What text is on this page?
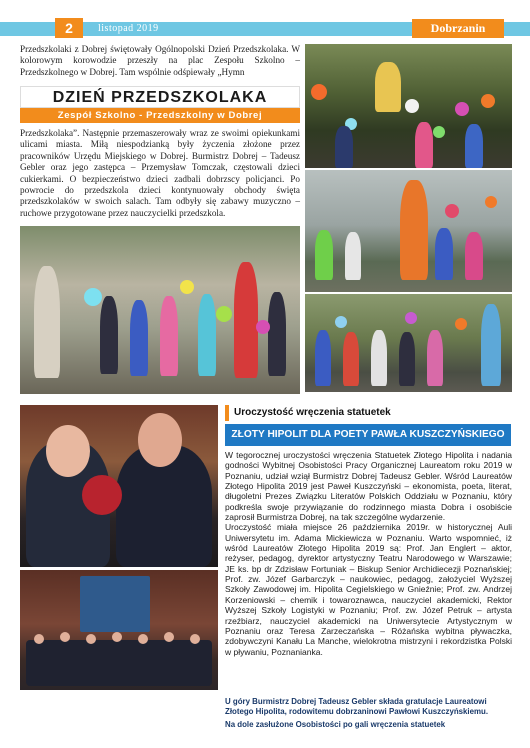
2	listopad 2019	Dobrzanin

Przedszkolaki z Dobrej świętowały Ogólnopolski Dzień Przedszkolaka. W kolorowym korowodzie przeszły na plac Zespołu Szkolno – Przedszkolnego w Dobrej. Tam wspólnie odśpiewały „Hymn

DZIEŃ PRZEDSZKOLAKA
Zespół Szkolno - Przedszkolny w Dobrej

Przedszkolaka”. Następnie przemaszerowały wraz ze swoimi opiekunkami ulicami miasta. Miłą niespodzianką były życzenia złożone przez pracowników Urzędu Miejskiego w Dobrej. Burmistrz Dobrej – Tadeusz Gebler oraz jego zastępca – Przemysław Tomczak, częstowali dzieci cukierkami. O bezpieczeństwo dzieci zadbali dobrzscy policjanci. Po powrocie do przedszkola dzieci kontynuowały obchody święta przedszkolaków w swoich salach. Tam odbyły się zabawy muzyczno – ruchowe przygotowane przez nauczycielki przedszkola.

Uroczystość wręczenia statuetek
ZŁOTY HIPOLIT DLA POETY PAWŁA KUSZCZYŃSKIEGO

W tegorocznej uroczystości wręczenia Statuetek Złotego Hipolita i nadania godności Wybitnej Osobistości Pracy Organicznej Laureatom roku 2019 w Poznaniu, udział wziął Burmistrz Dobrej Tadeusz Gebler. Wśród Laureatów Złotego Hipolita 2019 jest Paweł Kuszczyński – ekonomista, poeta, literat, długoletni Prezes Związku Literatów Polskich Oddziału w Poznaniu, który podkreśla swoje przywiązanie do rodzinnego miasta Dobra i osobiście zaprosił Burmistrza Dobrej, na tak szczególne wydarzenie.
Uroczystość miała miejsce 26 października 2019r. w historycznej Auli Uniwersytetu im. Adama Mickiewicza w Poznaniu. Warto wspomnieć, iż wśród Laureatów Złotego Hipolita 2019 są: Prof. Jan Englert – aktor, reżyser, pedagog, dyrektor artystyczny Teatru Narodowego w Warszawie; JE ks. bp dr Zdzisław Fortuniak – Biskup Senior Archidiecezji Poznańskiej; Prof. zw. Józef Garbarczyk – naukowiec, pedagog, założyciel Wyższej Szkoły Zawodowej im. Hipolita Cegielskiego w Gnieźnie; Prof. zw. Andrzej Korzeniowski – chemik i towaroznawca, nauczyciel akademicki, Rektor Wyższej Szkoły Logistyki w Poznaniu; Prof. zw. Józef Petruk – artysta rzeźbiarz, nauczyciel akademicki na Uniwersytecie Artystycznym w Poznaniu oraz Teresa Zarzeczańska – Różańska wybitna pływaczka, zdobywczyni Kanału La Manche, wielokrotna mistrzyni i rekordzistka Polski w pływaniu, Poznanianka.

U góry Burmistrz Dobrej Tadeusz Gebler składa gratulacje Laureatowi Złotego Hipolita, rodowitemu dobrzaninowi Pawłowi Kuszczyńskiemu.

Na dole zasłużone Osobistości po gali wręczenia statuetek
